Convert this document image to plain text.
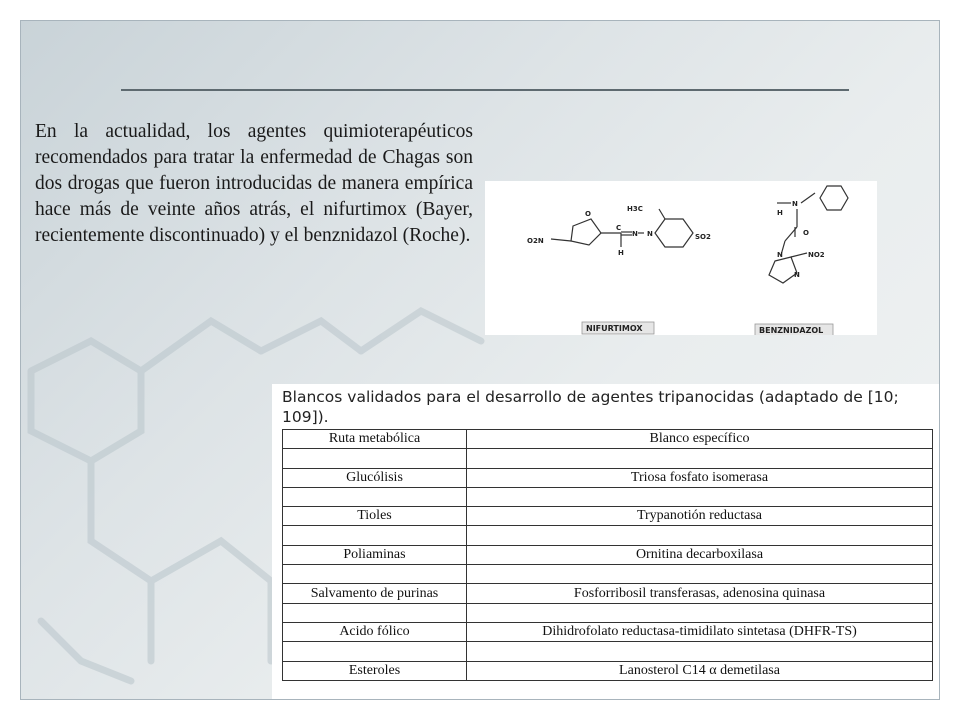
En la actualidad, los agentes quimioterapéuticos recomendados para tratar la enfermedad de Chagas son dos drogas que fueron introducidas de manera empírica hace más de veinte años atrás, el nifurtimox (Bayer, recientemente discontinuado) y el benznidazol (Roche).	O2N
O
C
N N
H
H3C
SO2
H
N
O
N	NO2
N
NIFURTIMOX	BENZNIDAZOL
Blancos validados para el desarrollo de agentes tripanocidas (adaptado de [10; 109]).
Ruta metabólica	Blanco específico

Glucólisis	Triosa fosfato isomerasa

Tioles	Trypanotión reductasa

Poliaminas	Ornitina decarboxilasa

Salvamento de purinas	Fosforribosil transferasas, adenosina quinasa

Acido fólico	Dihidrofolato reductasa-timidilato sintetasa (DHFR-TS)

Esteroles	Lanosterol C14 α demetilasa
